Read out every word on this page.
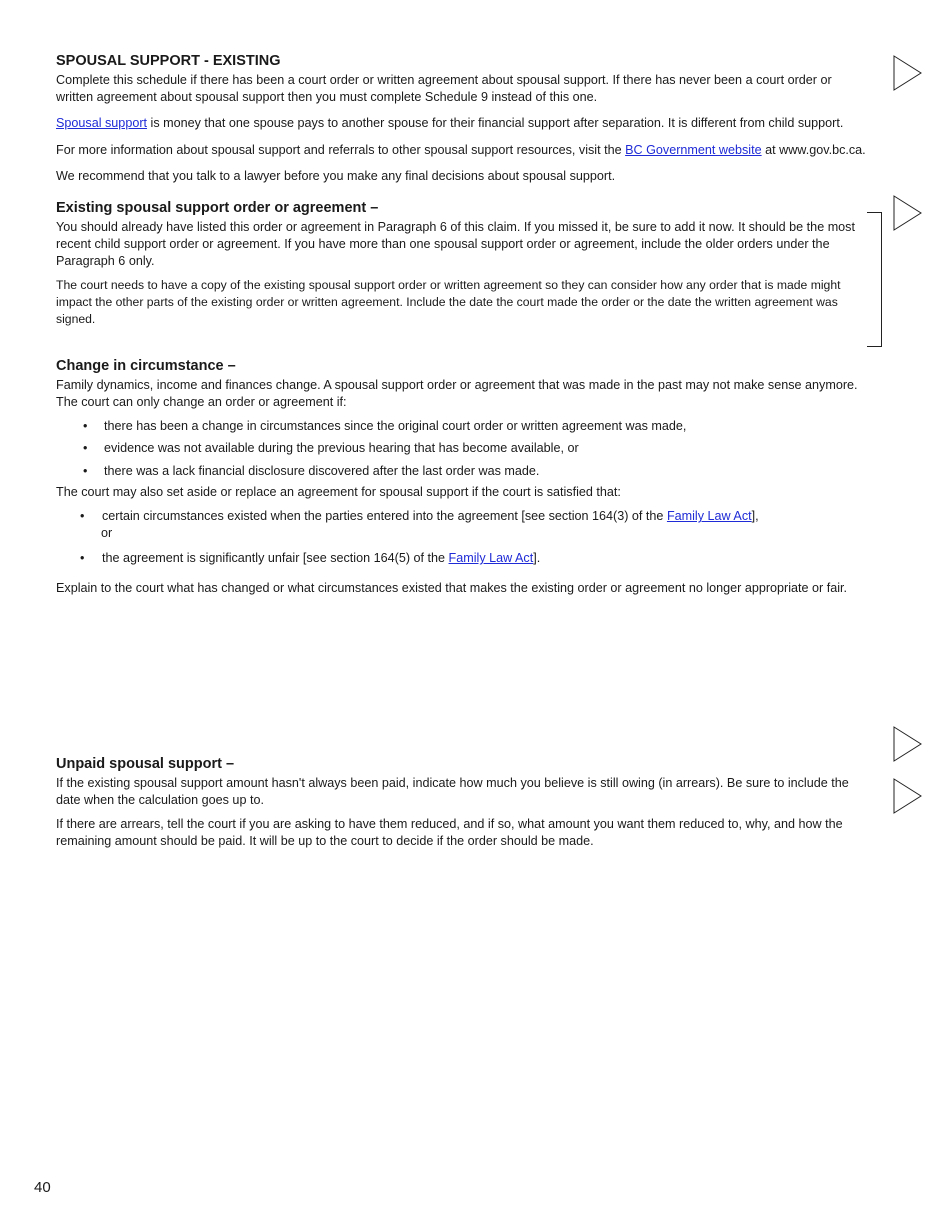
SPOUSAL SUPPORT - EXISTING

Complete this schedule if there has been a court order or written agreement about spousal support. If there has never been a court order or written agreement about spousal support then you must complete Schedule 9 instead of this one.

Spousal support is money that one spouse pays to another spouse for their financial support after separation. It is different from child support.

For more information about spousal support and referrals to other spousal support resources, visit the BC Government website at www.gov.bc.ca.

We recommend that you talk to a lawyer before you make any final decisions about spousal support.

Existing spousal support order or agreement –

You should already have listed this order or agreement in Paragraph 6 of this claim. If you missed it, be sure to add it now. It should be the most recent child support order or agreement. If you have more than one spousal support order or agreement, include the older orders under the Paragraph 6 only.

The court needs to have a copy of the existing spousal support order or written agreement so they can consider how any order that is made might impact the other parts of the existing order or written agreement. Include the date the court made the order or the date the written agreement was signed.

Change in circumstance –

Family dynamics, income and finances change. A spousal support order or agreement that was made in the past may not make sense anymore. The court can only change an order or agreement if:

•	there has been a change in circumstances since the original court order or written agreement was made,
•	evidence was not available during the previous hearing that has become available, or
•	there was a lack financial disclosure discovered after the last order was made.

The court may also set aside or replace an agreement for spousal support if the court is satisfied that:

•	certain circumstances existed when the parties entered into the agreement [see section 164(3) of the Family Law Act],
or
•	the agreement is significantly unfair [see section 164(5) of the Family Law Act].

Explain to the court what has changed or what circumstances existed that makes the existing order or agreement no longer appropriate or fair.

Unpaid spousal support –

If the existing spousal support amount hasn't always been paid, indicate how much you believe is still owing (in arrears). Be sure to include the date when the calculation goes up to.

If there are arrears, tell the court if you are asking to have them reduced, and if so, what amount you want them reduced to, why, and how the remaining amount should be paid. It will be up to the court to decide if the order should be made.

40
